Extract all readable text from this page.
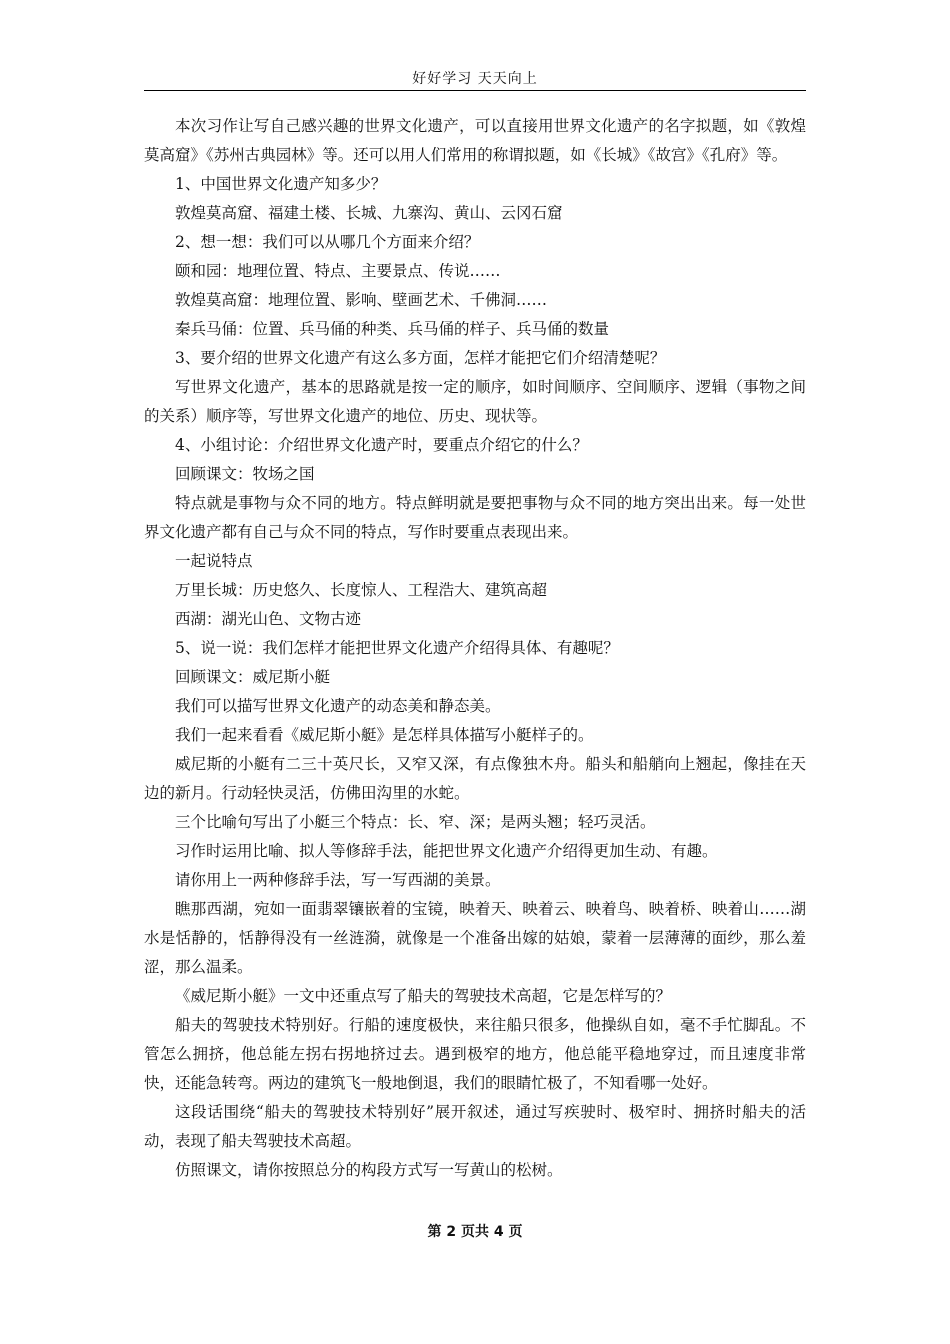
好好学习 天天向上

本次习作让写自己感兴趣的世界文化遗产，可以直接用世界文化遗产的名字拟题，如《敦煌莫高窟》《苏州古典园林》等。还可以用人们常用的称谓拟题，如《长城》《故宫》《孔府》等。

1、中国世界文化遗产知多少？

敦煌莫高窟、福建土楼、长城、九寨沟、黄山、云冈石窟

2、想一想：我们可以从哪几个方面来介绍？

颐和园：地理位置、特点、主要景点、传说……

敦煌莫高窟：地理位置、影响、壁画艺术、千佛洞……

秦兵马俑：位置、兵马俑的种类、兵马俑的样子、兵马俑的数量

3、要介绍的世界文化遗产有这么多方面，怎样才能把它们介绍清楚呢？

写世界文化遗产，基本的思路就是按一定的顺序，如时间顺序、空间顺序、逻辑（事物之间的关系）顺序等，写世界文化遗产的地位、历史、现状等。

4、小组讨论：介绍世界文化遗产时，要重点介绍它的什么？

回顾课文：牧场之国

特点就是事物与众不同的地方。特点鲜明就是要把事物与众不同的地方突出出来。每一处世界文化遗产都有自己与众不同的特点，写作时要重点表现出来。

一起说特点

万里长城：历史悠久、长度惊人、工程浩大、建筑高超

西湖：湖光山色、文物古迹

5、说一说：我们怎样才能把世界文化遗产介绍得具体、有趣呢？

回顾课文：威尼斯小艇

我们可以描写世界文化遗产的动态美和静态美。

我们一起来看看《威尼斯小艇》是怎样具体描写小艇样子的。

威尼斯的小艇有二三十英尺长，又窄又深，有点像独木舟。船头和船艄向上翘起，像挂在天边的新月。行动轻快灵活，仿佛田沟里的水蛇。

三个比喻句写出了小艇三个特点：长、窄、深；是两头翘；轻巧灵活。

习作时运用比喻、拟人等修辞手法，能把世界文化遗产介绍得更加生动、有趣。

请你用上一两种修辞手法，写一写西湖的美景。

瞧那西湖，宛如一面翡翠镶嵌着的宝镜，映着天、映着云、映着鸟、映着桥、映着山……湖水是恬静的，恬静得没有一丝涟漪，就像是一个准备出嫁的姑娘，蒙着一层薄薄的面纱，那么羞涩，那么温柔。

《威尼斯小艇》一文中还重点写了船夫的驾驶技术高超，它是怎样写的？

船夫的驾驶技术特别好。行船的速度极快，来往船只很多，他操纵自如，毫不手忙脚乱。不管怎么拥挤，他总能左拐右拐地挤过去。遇到极窄的地方，他总能平稳地穿过，而且速度非常快，还能急转弯。两边的建筑飞一般地倒退，我们的眼睛忙极了，不知看哪一处好。

这段话围绕“船夫的驾驶技术特别好”展开叙述，通过写疾驶时、极窄时、拥挤时船夫的活动，表现了船夫驾驶技术高超。

仿照课文，请你按照总分的构段方式写一写黄山的松树。

第 2 页共 4 页
